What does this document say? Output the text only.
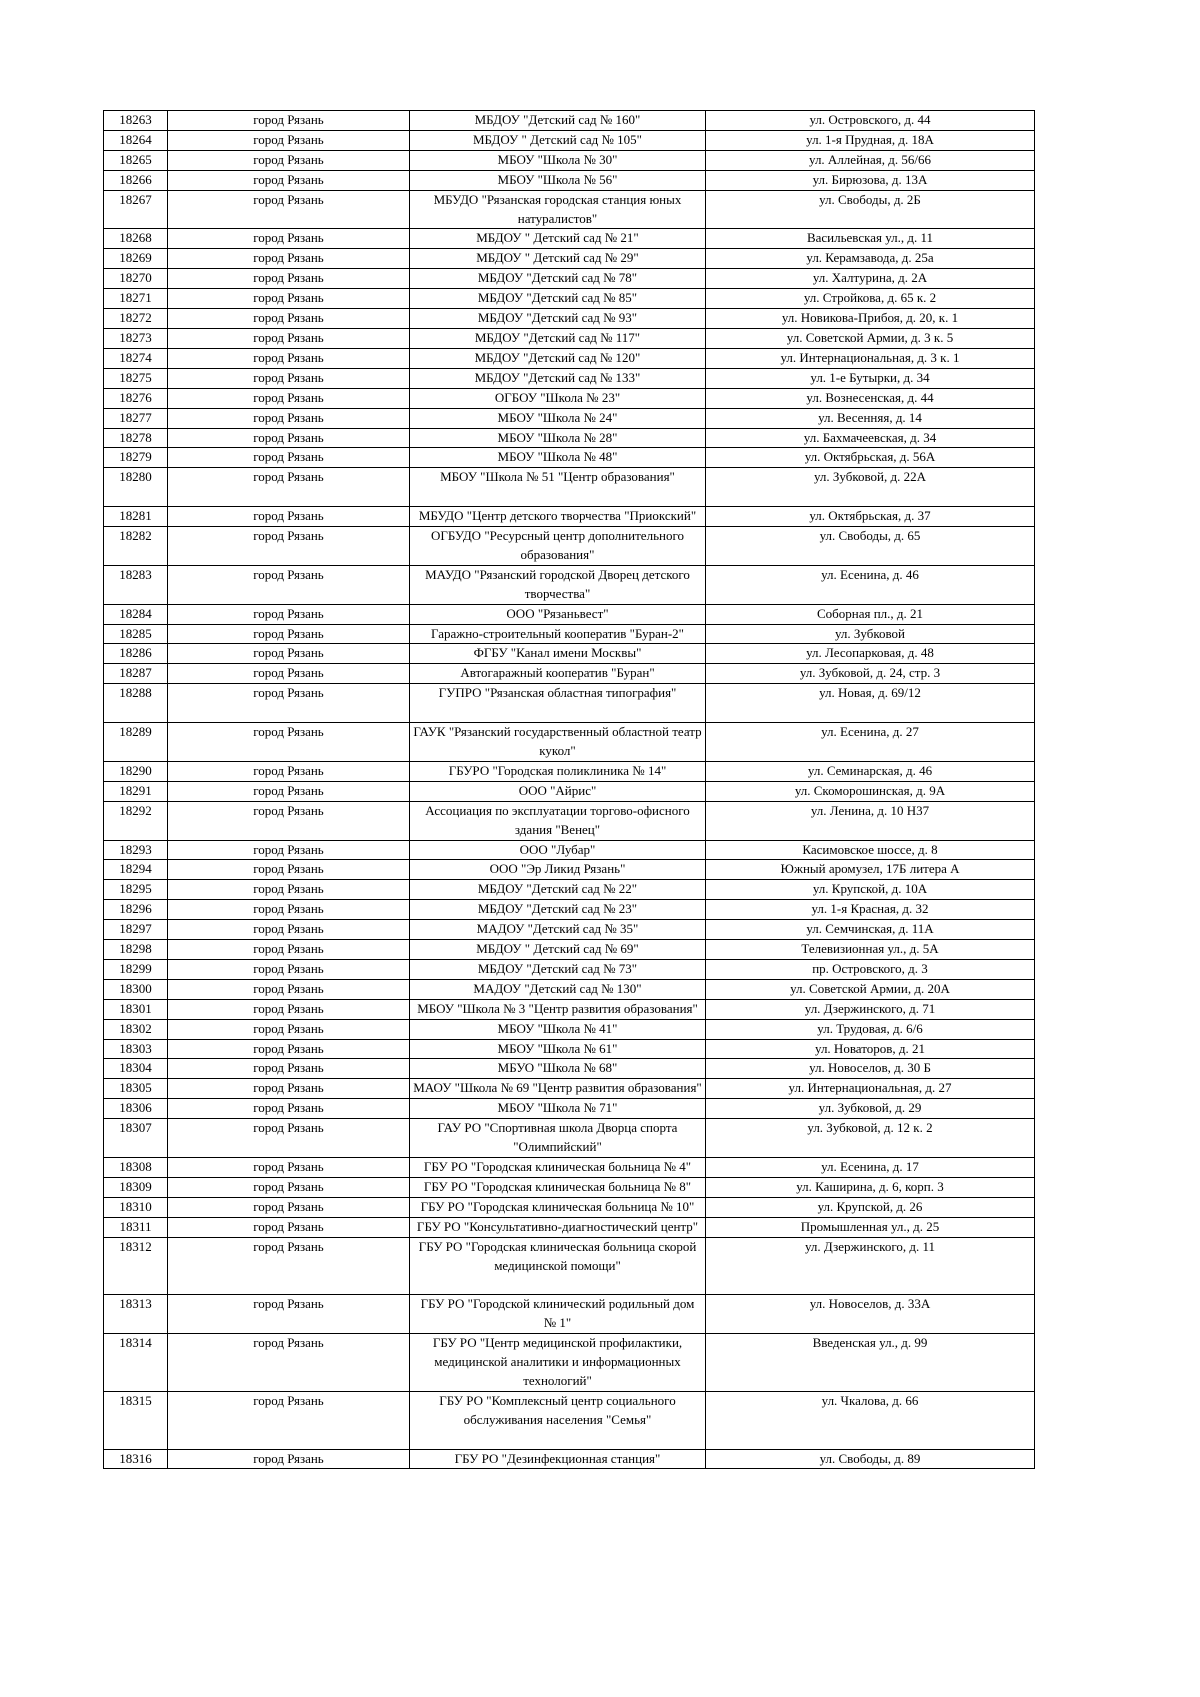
18263	город Рязань	МБДОУ "Детский сад № 160"	ул. Островского, д. 44
18264	город Рязань	МБДОУ " Детский сад № 105"	ул. 1-я Прудная, д. 18А
18265	город Рязань	МБОУ "Школа № 30"	ул. Аллейная, д. 56/66
18266	город Рязань	МБОУ "Школа № 56"	ул. Бирюзова, д. 13А
18267	город Рязань	МБУДО "Рязанская городская станция юных натуралистов"	ул. Свободы, д. 2Б
18268	город Рязань	МБДОУ " Детский сад № 21"	Васильевская ул., д. 11
18269	город Рязань	МБДОУ " Детский сад № 29"	ул. Керамзавода, д. 25а
18270	город Рязань	МБДОУ "Детский сад № 78"	ул. Халтурина, д. 2А
18271	город Рязань	МБДОУ "Детский сад № 85"	ул. Стройкова, д. 65 к. 2
18272	город Рязань	МБДОУ "Детский сад № 93"	ул. Новикова-Прибоя, д. 20, к. 1
18273	город Рязань	МБДОУ "Детский сад № 117"	ул. Советской Армии, д. 3 к. 5
18274	город Рязань	МБДОУ "Детский сад № 120"	ул. Интернациональная, д. 3 к. 1
18275	город Рязань	МБДОУ "Детский сад № 133"	ул. 1-е Бутырки, д. 34
18276	город Рязань	ОГБОУ "Школа № 23"	ул. Вознесенская, д. 44
18277	город Рязань	МБОУ "Школа № 24"	ул. Весенняя, д. 14
18278	город Рязань	МБОУ "Школа № 28"	ул. Бахмачеевская, д. 34
18279	город Рязань	МБОУ "Школа № 48"	ул. Октябрьская, д. 56А
18280	город Рязань	МБОУ "Школа № 51 "Центр образования"	ул. Зубковой, д. 22А
18281	город Рязань	МБУДО "Центр детского творчества "Приокский"	ул. Октябрьская, д. 37
18282	город Рязань	ОГБУДО "Ресурсный центр дополнительного образования"	ул. Свободы, д. 65
18283	город Рязань	МАУДО "Рязанский городской Дворец детского творчества"	ул. Есенина, д. 46
18284	город Рязань	ООО "Рязаньвест"	Соборная пл., д. 21
18285	город Рязань	Гаражно-строительный кооператив "Буран-2"	ул. Зубковой
18286	город Рязань	ФГБУ "Канал имени Москвы"	ул. Лесопарковая, д. 48
18287	город Рязань	Автогаражный кооператив "Буран"	ул. Зубковой, д. 24, стр. 3
18288	город Рязань	ГУПРО "Рязанская областная типография"	ул. Новая, д. 69/12
18289	город Рязань	ГАУК "Рязанский государственный областной театр кукол"	ул. Есенина, д. 27
18290	город Рязань	ГБУРО "Городская поликлиника № 14"	ул. Семинарская, д. 46
18291	город Рязань	ООО "Айрис"	ул. Скоморошинская, д. 9А
18292	город Рязань	Ассоциация по эксплуатации торгово-офисного здания "Венец"	ул. Ленина, д. 10 Н37
18293	город Рязань	ООО "Лубар"	Касимовское шоссе, д. 8
18294	город Рязань	ООО "Эр Ликид Рязань"	Южный аромузел, 17Б литера А
18295	город Рязань	МБДОУ "Детский сад № 22"	ул. Крупской, д. 10А
18296	город Рязань	МБДОУ "Детский сад № 23"	ул. 1-я Красная, д. 32
18297	город Рязань	МАДОУ "Детский сад № 35"	ул. Семчинская, д. 11А
18298	город Рязань	МБДОУ " Детский сад № 69"	Телевизионная ул., д. 5А
18299	город Рязань	МБДОУ "Детский сад № 73"	пр. Островского, д. 3
18300	город Рязань	МАДОУ "Детский сад № 130"	ул. Советской Армии, д. 20А
18301	город Рязань	МБОУ "Школа № 3 "Центр развития образования"	ул. Дзержинского, д. 71
18302	город Рязань	МБОУ "Школа № 41"	ул. Трудовая, д. 6/6
18303	город Рязань	МБОУ "Школа № 61"	ул. Новаторов, д. 21
18304	город Рязань	МБУО "Школа № 68"	ул. Новоселов, д. 30 Б
18305	город Рязань	МАОУ "Школа № 69 "Центр развития образования"	ул. Интернациональная, д. 27
18306	город Рязань	МБОУ "Школа № 71"	ул. Зубковой, д. 29
18307	город Рязань	ГАУ РО "Спортивная школа Дворца спорта "Олимпийский"	ул. Зубковой, д. 12 к. 2
18308	город Рязань	ГБУ РО "Городская клиническая больница № 4"	ул. Есенина, д. 17
18309	город Рязань	ГБУ РО "Городская клиническая больница № 8"	ул. Каширина, д. 6, корп. 3
18310	город Рязань	ГБУ РО "Городская клиническая больница № 10"	ул. Крупской, д. 26
18311	город Рязань	ГБУ РО "Консультативно-диагностический центр"	Промышленная ул., д. 25
18312	город Рязань	ГБУ РО "Городская клиническая больница скорой медицинской помощи"	ул. Дзержинского, д. 11
18313	город Рязань	ГБУ РО "Городской клинический родильный дом № 1"	ул. Новоселов, д. 33А
18314	город Рязань	ГБУ РО "Центр медицинской профилактики, медицинской аналитики и информационных технологий"	Введенская ул., д. 99
18315	город Рязань	ГБУ РО "Комплексный центр социального обслуживания населения "Семья"	ул. Чкалова, д. 66
18316	город Рязань	ГБУ РО "Дезинфекционная станция"	ул. Свободы, д. 89
